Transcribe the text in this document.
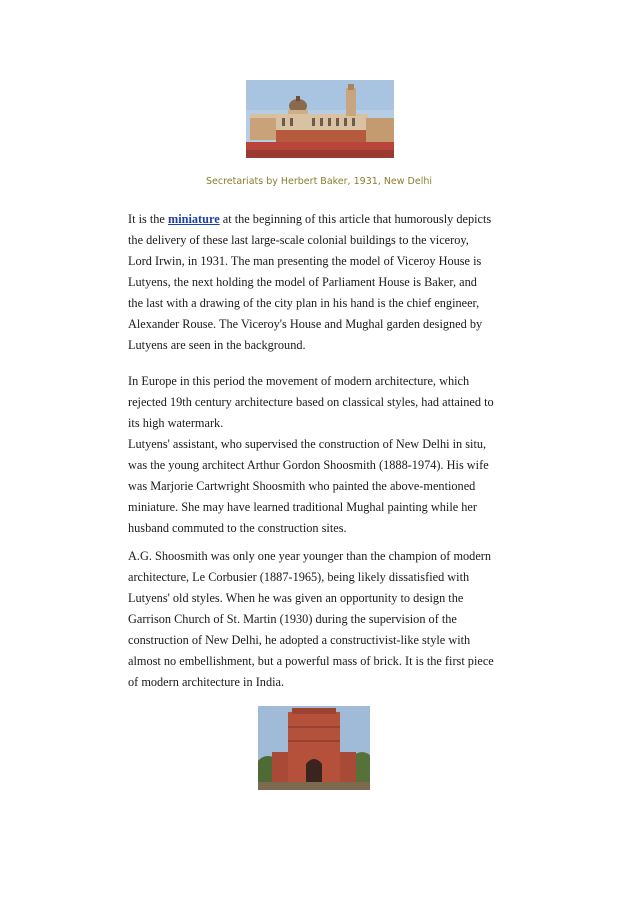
Secretariats by Herbert Baker, 1931, New Delhi

It is the miniature at the beginning of this article that humorously depicts
the delivery of these last large-scale colonial buildings to the viceroy,
Lord Irwin, in 1931. The man presenting the model of Viceroy House is
Lutyens, the next holding the model of Parliament House is Baker, and
the last with a drawing of the city plan in his hand is the chief engineer,
Alexander Rouse. The Viceroy's House and Mughal garden designed by
Lutyens are seen in the background.

In Europe in this period the movement of modern architecture, which
rejected 19th century architecture based on classical styles, had attained to
its high watermark.
Lutyens' assistant, who supervised the construction of New Delhi in situ,
was the young architect Arthur Gordon Shoosmith (1888-1974). His wife
was Marjorie Cartwright Shoosmith who painted the above-mentioned
miniature. She may have learned traditional Mughal painting while her
husband commuted to the construction sites.

A.G. Shoosmith was only one year younger than the champion of modern
architecture, Le Corbusier (1887-1965), being likely dissatisfied with
Lutyens' old styles. When he was given an opportunity to design the
Garrison Church of St. Martin (1930) during the supervision of the
construction of New Delhi, he adopted a constructivist-like style with
almost no embellishment, but a powerful mass of brick. It is the first piece
of modern architecture in India.
